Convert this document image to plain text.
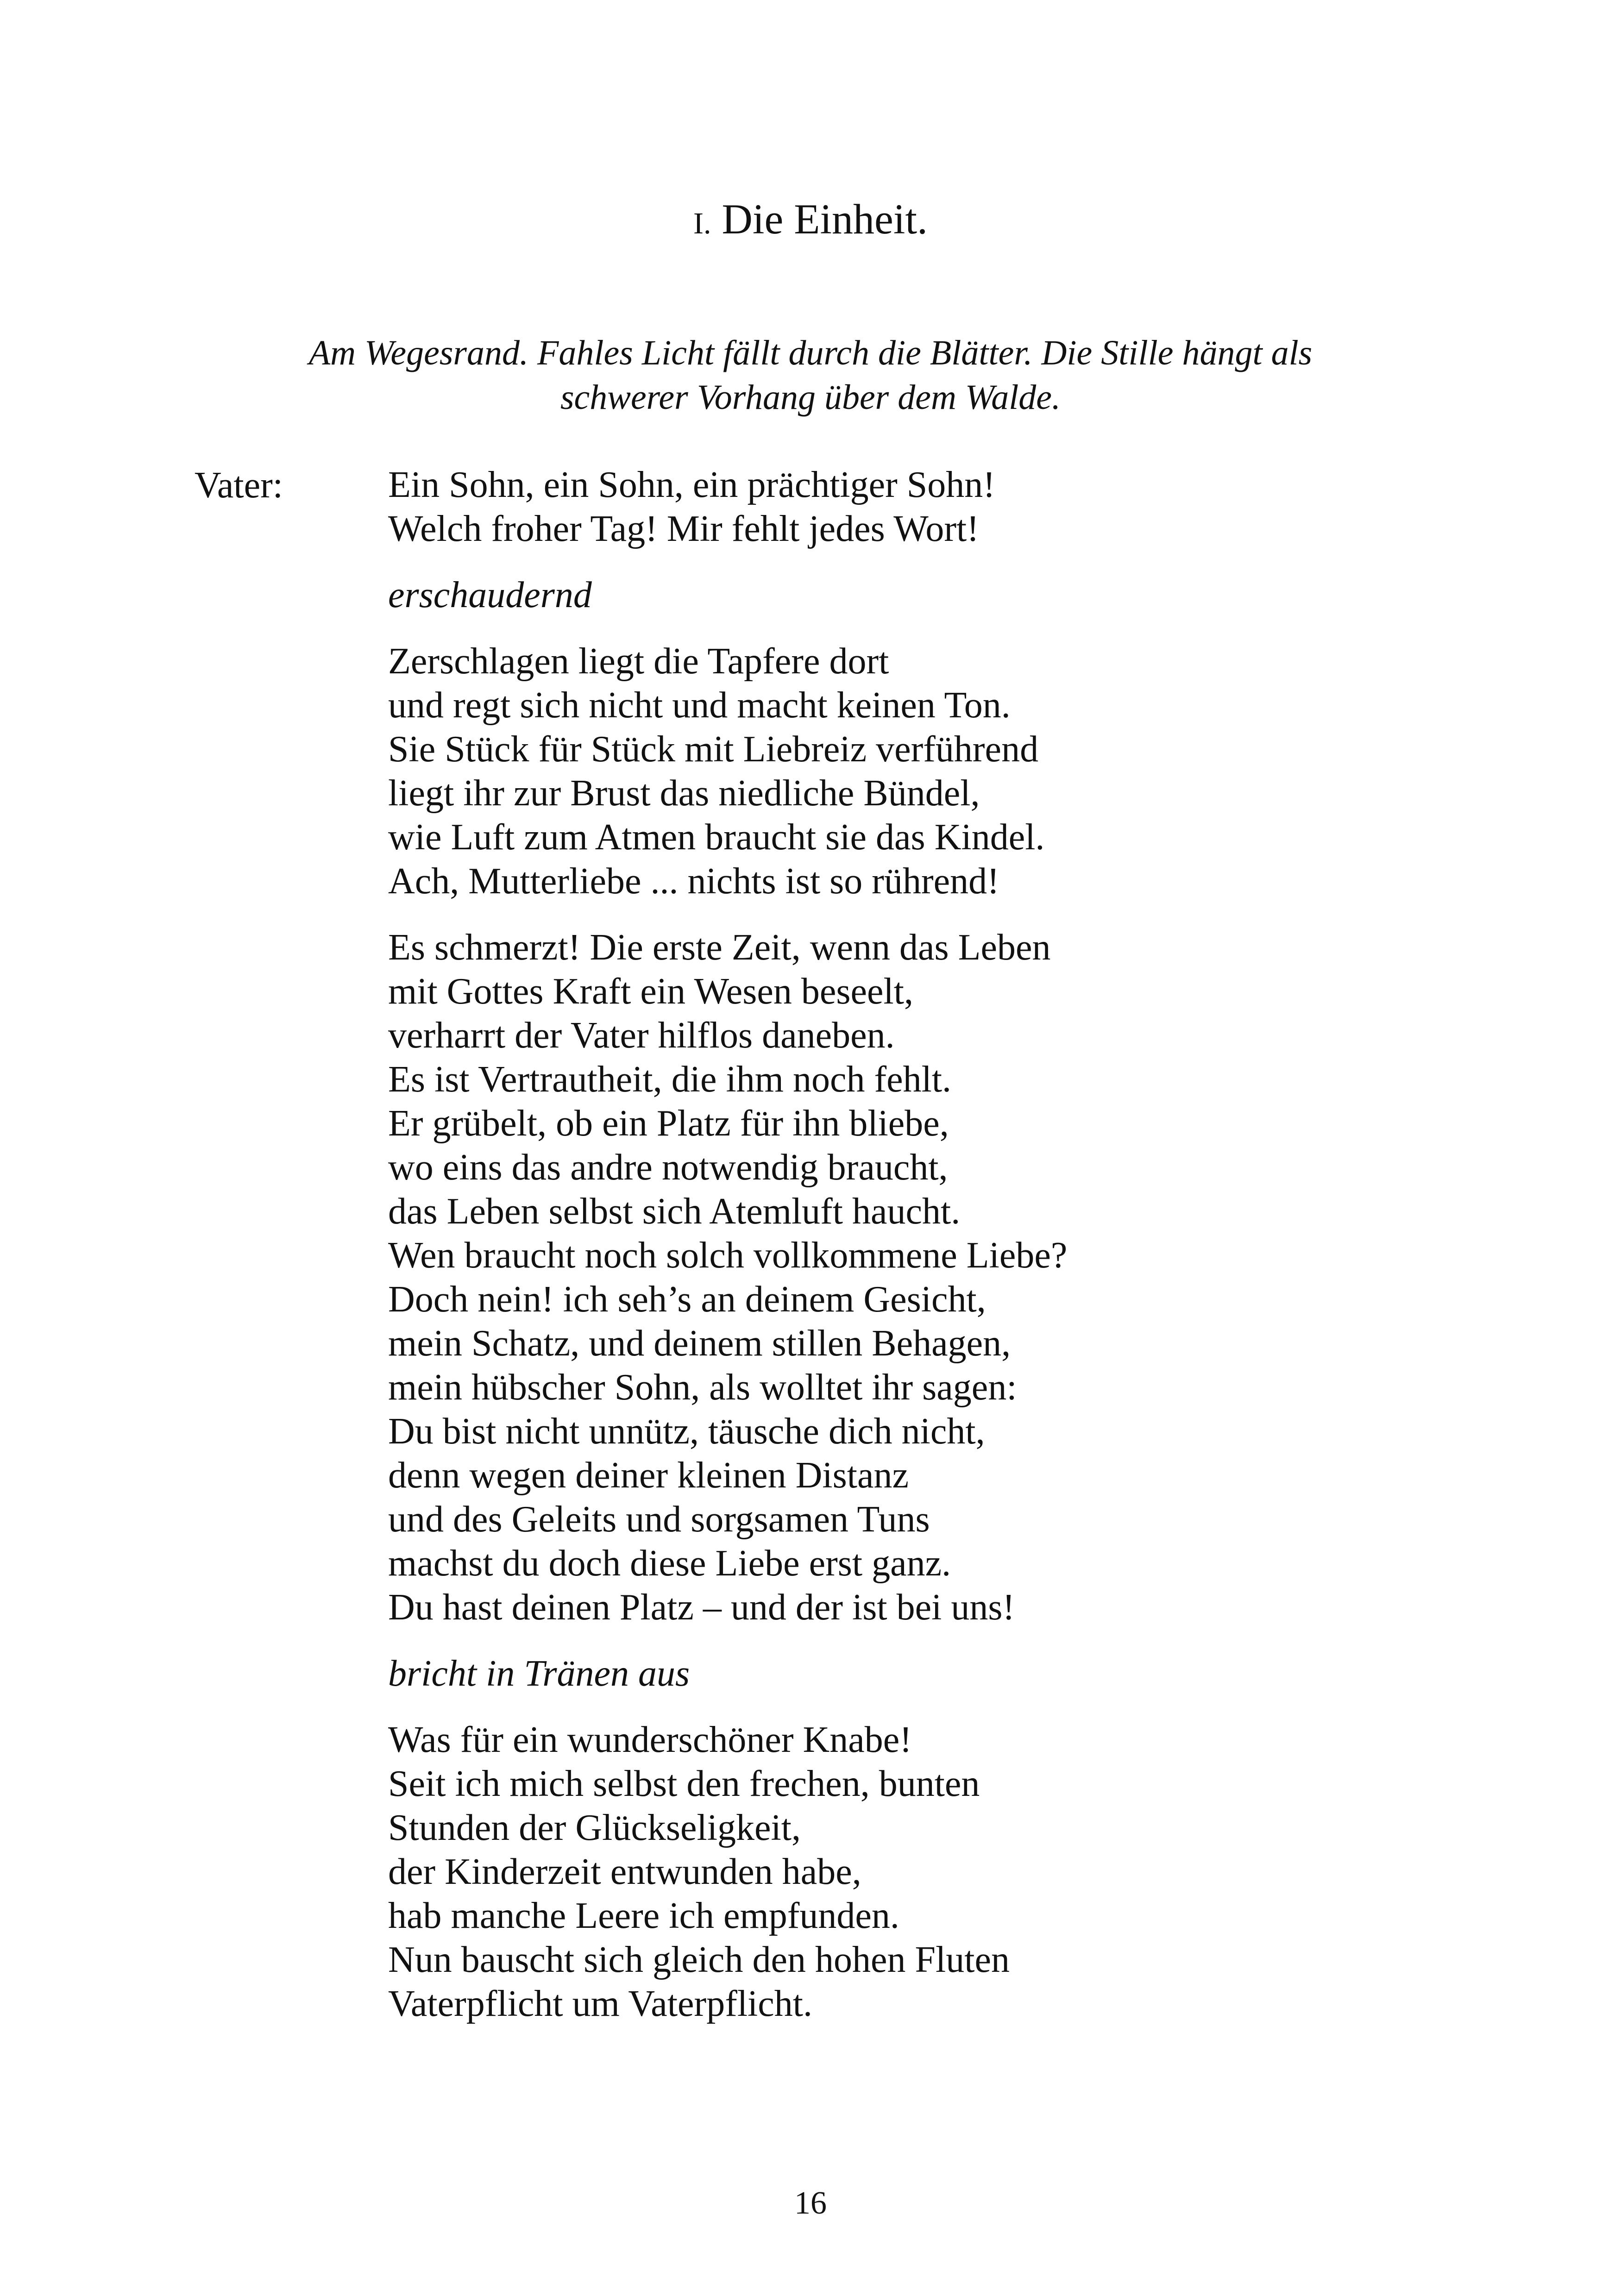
I. Die Einheit.
Am Wegesrand. Fahles Licht fällt durch die Blätter. Die Stille hängt als
schwerer Vorhang über dem Walde.
Vater:	Ein Sohn, ein Sohn, ein prächtiger Sohn!
Welch froher Tag! Mir fehlt jedes Wort!
erschaudernd
Zerschlagen liegt die Tapfere dort
und regt sich nicht und macht keinen Ton.
Sie Stück für Stück mit Liebreiz verführend
liegt ihr zur Brust das niedliche Bündel,
wie Luft zum Atmen braucht sie das Kindel.
Ach, Mutterliebe ... nichts ist so rührend!
Es schmerzt! Die erste Zeit, wenn das Leben
mit Gottes Kraft ein Wesen beseelt,
verharrt der Vater hilflos daneben.
Es ist Vertrautheit, die ihm noch fehlt.
Er grübelt, ob ein Platz für ihn bliebe,
wo eins das andre notwendig braucht,
das Leben selbst sich Atemluft haucht.
Wen braucht noch solch vollkommene Liebe?
Doch nein! ich seh’s an deinem Gesicht,
mein Schatz, und deinem stillen Behagen,
mein hübscher Sohn, als wolltet ihr sagen:
Du bist nicht unnütz, täusche dich nicht,
denn wegen deiner kleinen Distanz
und des Geleits und sorgsamen Tuns
machst du doch diese Liebe erst ganz.
Du hast deinen Platz – und der ist bei uns!
bricht in Tränen aus
Was für ein wunderschöner Knabe!
Seit ich mich selbst den frechen, bunten
Stunden der Glückseligkeit,
der Kinderzeit entwunden habe,
hab manche Leere ich empfunden.
Nun bauscht sich gleich den hohen Fluten
Vaterpflicht um Vaterpflicht.
16
